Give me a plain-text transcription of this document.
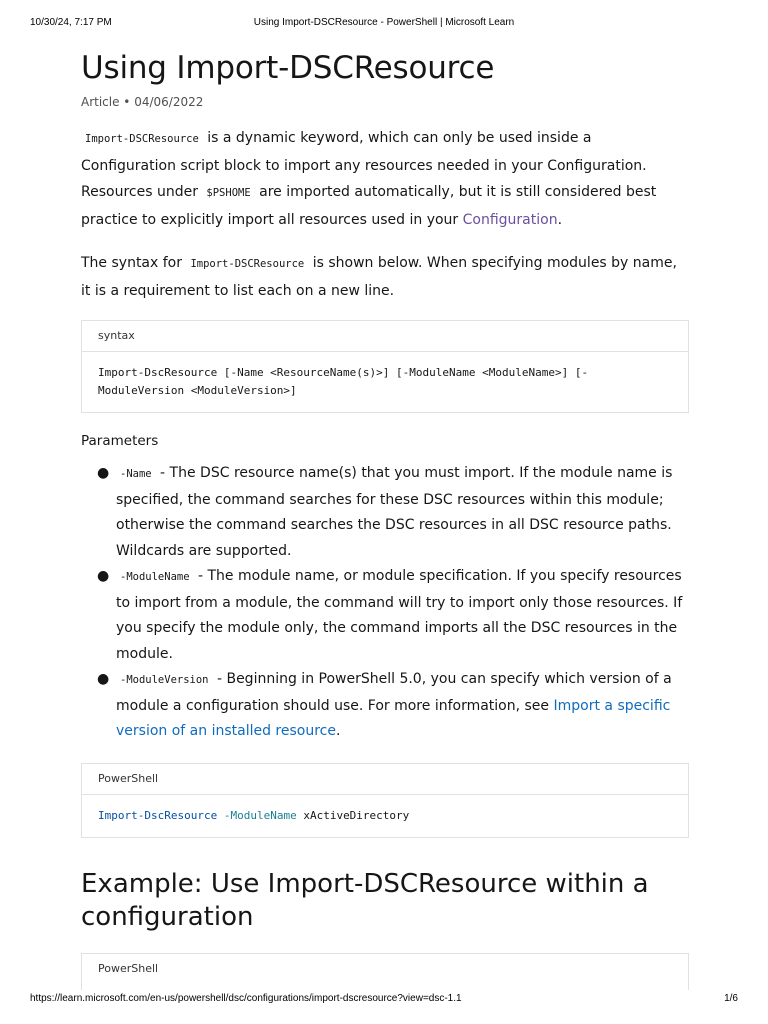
10/30/24, 7:17 PM	Using Import-DSCResource - PowerShell | Microsoft Learn
Using Import-DSCResource
Article • 04/06/2022

Import-DSCResource is a dynamic keyword, which can only be used inside a Configuration script block to import any resources needed in your Configuration. Resources under $PSHOME are imported automatically, but it is still considered best practice to explicitly import all resources used in your Configuration.

The syntax for Import-DSCResource is shown below. When specifying modules by name, it is a requirement to list each on a new line.

syntax
Import-DscResource [-Name <ResourceName(s)>] [-ModuleName <ModuleName>] [-ModuleVersion <ModuleVersion>]
Parameters
● -Name - The DSC resource name(s) that you must import. If the module name is specified, the command searches for these DSC resources within this module; otherwise the command searches the DSC resources in all DSC resource paths. Wildcards are supported.
● -ModuleName - The module name, or module specification. If you specify resources to import from a module, the command will try to import only those resources. If you specify the module only, the command imports all the DSC resources in the module.
● -ModuleVersion - Beginning in PowerShell 5.0, you can specify which version of a module a configuration should use. For more information, see Import a specific version of an installed resource.
PowerShell
Import-DscResource -ModuleName xActiveDirectory
Example: Use Import-DSCResource within a configuration
PowerShell
https://learn.microsoft.com/en-us/powershell/dsc/configurations/import-dscresource?view=dsc-1.1	1/6
